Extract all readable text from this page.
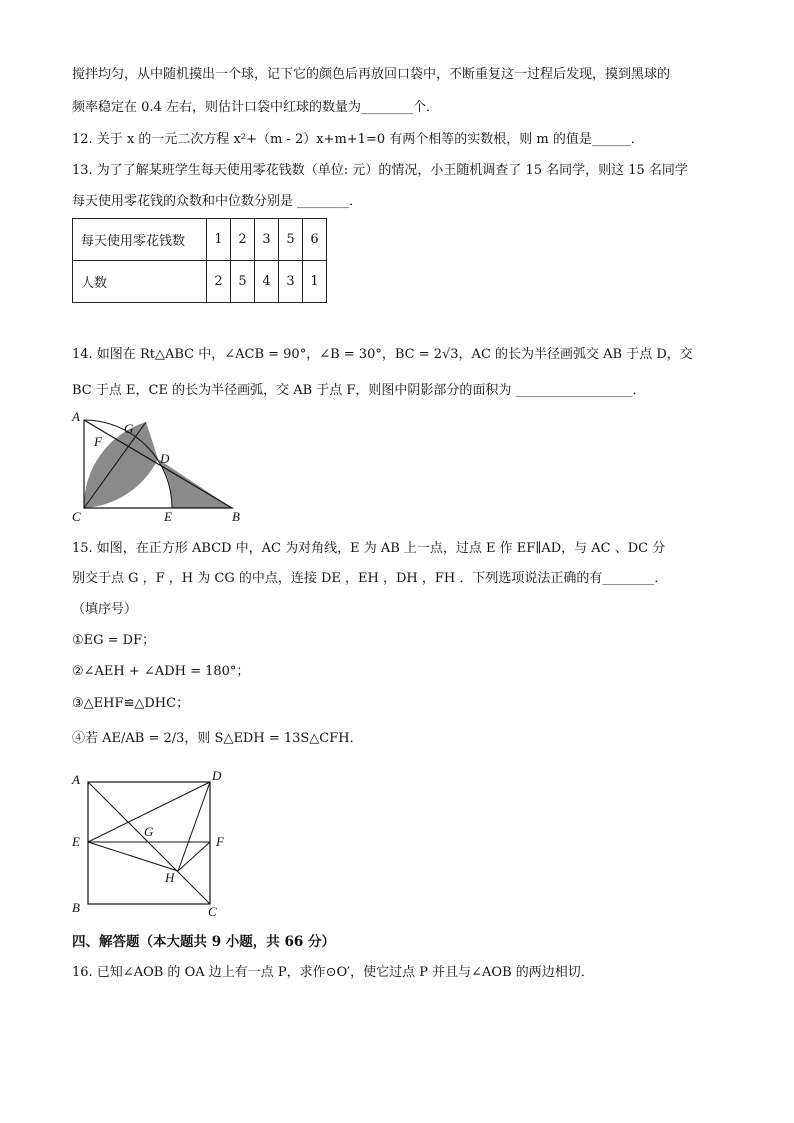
搅拌均匀，从中随机摸出一个球，记下它的颜色后再放回口袋中，不断重复这一过程后发现，摸到黑球的
频率稳定在 0.4 左右，则估计口袋中红球的数量为________个．
12. 关于 x 的一元二次方程 x²+（m - 2）x+m+1=0 有两个相等的实数根，则 m 的值是______．
13. 为了了解某班学生每天使用零花钱数（单位: 元）的情况，小王随机调查了 15 名同学，则这 15 名同学
每天使用零花钱的众数和中位数分别是 ________．
每天使用零花钱数	1	2	3	5	6
人数	2	5	4	3	1
14. 如图在 Rt△ABC 中，∠ACB = 90°，∠B = 30°，BC = 2√3，AC 的长为半径画弧交 AB 于点 D，交
BC 于点 E，CE 的长为半径画弧，交 AB 于点 F，则图中阴影部分的面积为 __________________．
A
G
F
D
C	E	B
15. 如图，在正方形 ABCD 中，AC 为对角线，E 为 AB 上一点，过点 E 作 EF∥AD，与 AC 、DC 分
别交于点 G ，F ，H 为 CG 的中点，连接 DE ，EH ，DH ，FH ．下列选项说法正确的有________．
（填序号）
①EG = DF；
②∠AEH + ∠ADH = 180°；
③△EHF≌△DHC；
④若 AE/AB = 2/3，则 S△EDH = 13S△CFH．
A	D
E
G
F
H
B	C
四、解答题（本大题共 9 小题，共 66 分）
16. 已知∠AOB 的 OA 边上有一点 P，求作⊙O′，使它过点 P 并且与∠AOB 的两边相切．
